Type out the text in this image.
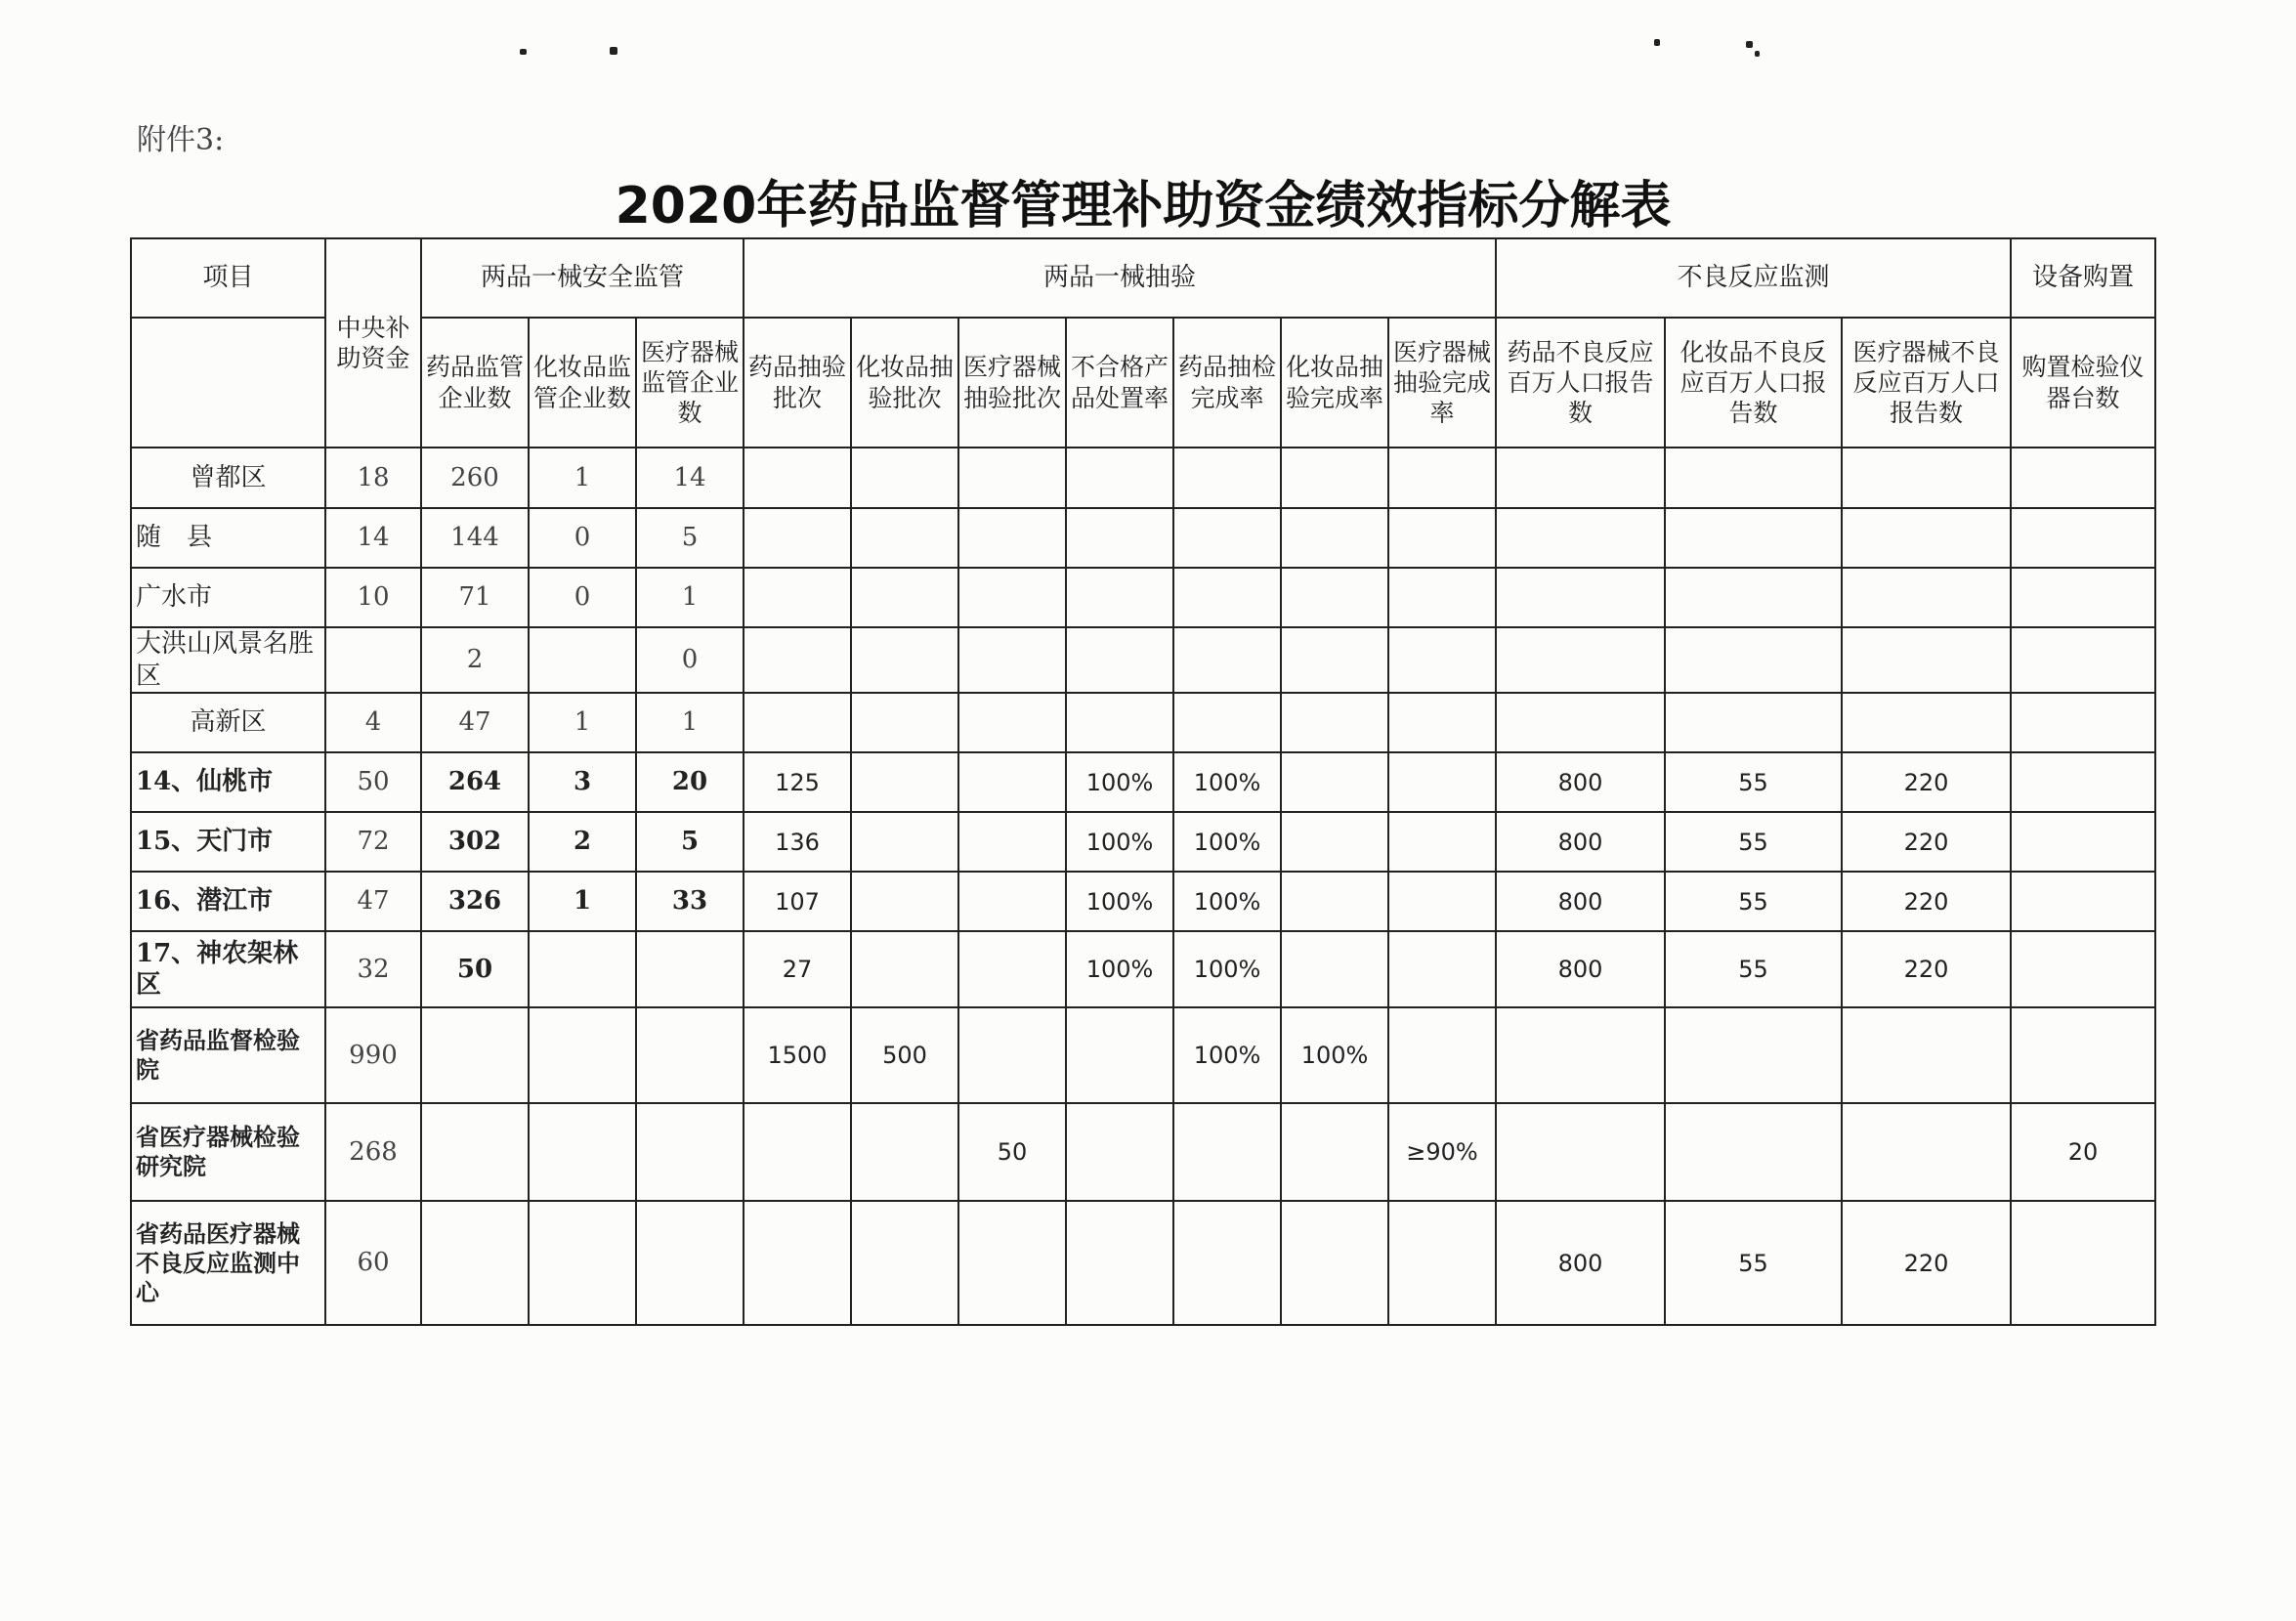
附件3:
2020年药品监督管理补助资金绩效指标分解表
项目	中央补助资金	两品一械安全监管			两品一械抽验							不良反应监测			设备购置
		药品监管企业数	化妆品监管企业数	医疗器械监管企业数	药品抽验批次	化妆品抽验批次	医疗器械抽验批次	不合格产品处置率	药品抽检完成率	化妆品抽验完成率	医疗器械抽验完成率	药品不良反应百万人口报告数	化妆品不良反应百万人口报告数	医疗器械不良反应百万人口报告数	购置检验仪器台数
曾都区	18	260	1	14											
随　县	14	144	0	5											
广水市	10	71	0	1											
大洪山风景名胜区		2		0											
高新区	4	47	1	1											
14、仙桃市	50	264	3	20	125			100%	100%			800	55	220	
15、天门市	72	302	2	5	136			100%	100%			800	55	220	
16、潜江市	47	326	1	33	107			100%	100%			800	55	220	
17、神农架林区	32	50			27			100%	100%			800	55	220	
省药品监督检验院	990				1500	500			100%	100%					
省医疗器械检验研究院	268						50				≥90%				20
省药品医疗器械不良反应监测中心	60											800	55	220	
